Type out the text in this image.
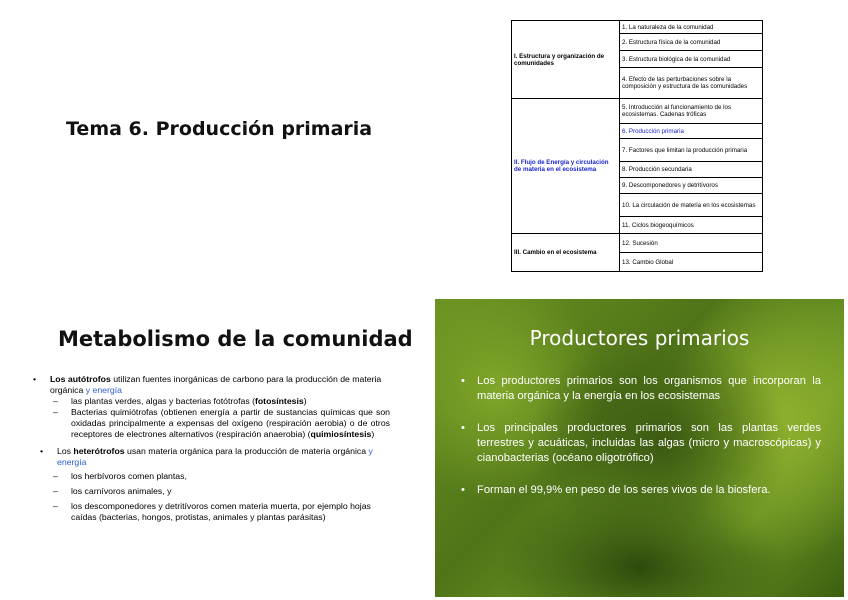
Tema 6. Producción primaria
I. Estructura y organización de comunidades	1. La naturaleza de la comunidad
	2. Estructura física de la comunidad
	3. Estructura biológica de la comunidad
	4. Efecto de las perturbaciones sobre la composición y estructura de las comunidades
II. Flujo de Energía y circulación de materia en el ecosistema	5. Introducción al funcionamiento de los ecosistemas. Cadenas tróficas
	6. Producción primaria
	7. Factores que limitan la producción primaria
	8. Producción secundaria
	9. Descomponedores y detritívoros
	10. La circulación de materia en los ecosistemas
	11. Ciclos biogeoquímicos
III. Cambio en el ecosistema	12. Sucesión
	13. Cambio Global
Metabolismo de la comunidad

• Los autótrofos utilizan fuentes inorgánicas de carbono para la producción de materia orgánica y energía

– las plantas verdes, algas y bacterias fotótrofas (fotosíntesis)

– Bacterias quimiótrofas (obtienen energía a partir de sustancias químicas que son oxidadas principalmente a expensas del oxígeno (respiración aerobia) o de otros receptores de electrones alternativos (respiración anaerobia) (quimiosíntesis)

• Los heterótrofos usan materia orgánica para la producción de materia orgánica y energía

– los herbívoros comen plantas,

– los carnívoros animales, y

– los descomponedores y detritívoros comen materia muerta, por ejemplo hojas caídas (bacterias, hongos, protistas, animales y plantas parásitas)

Productores primarios

• Los productores primarios son los organismos que incorporan la materia orgánica y la energía en los ecosistemas

• Los principales productores primarios son las plantas verdes terrestres y acuáticas, incluidas las algas (micro y macroscópicas) y cianobacterias (océano oligotrófico)

• Forman el 99,9% en peso de los seres vivos de la biosfera.
